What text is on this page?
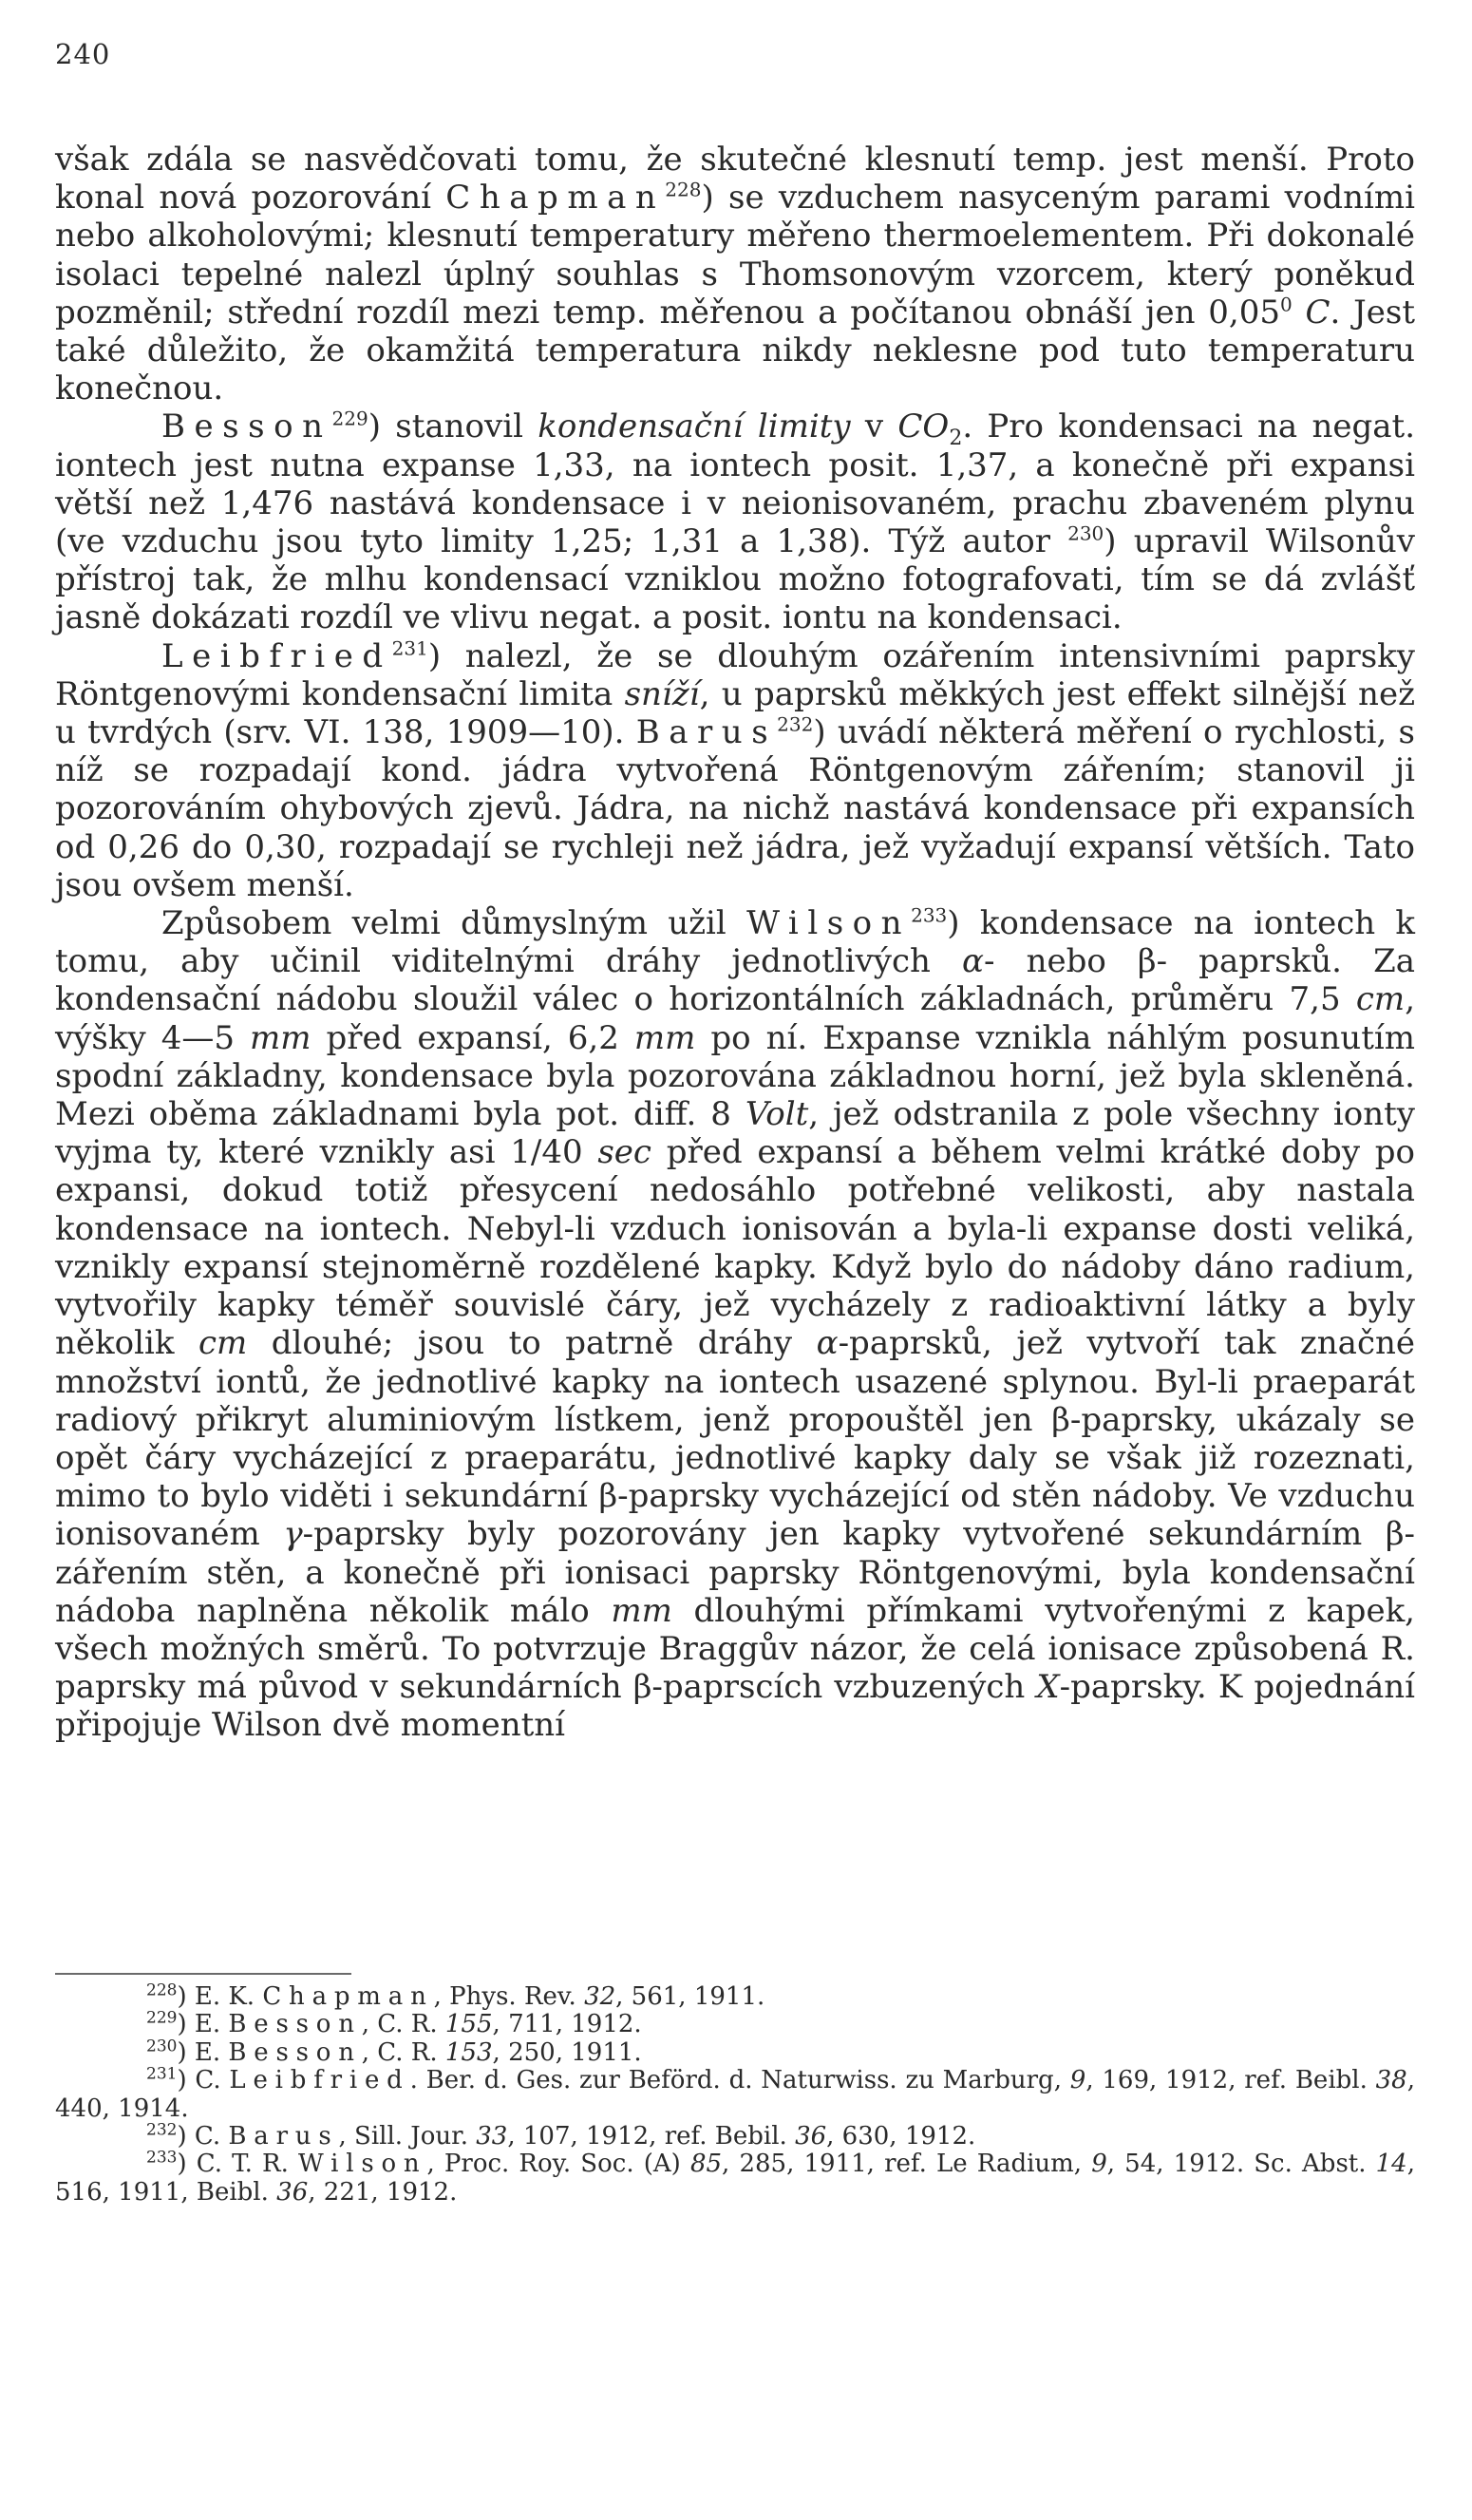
240

však zdála se nasvědčovati tomu, že skutečné klesnutí temp. jest menší. Proto konal nová pozorování Chapman$^{228}$) se vzduchem nasyceným parami vodními nebo alkoholovými; klesnutí temperatury měřeno thermoelementem. Při dokonalé isolaci tepelné nalezl úplný souhlas s Thomsonovým vzorcem, který poněkud pozměnil; střední rozdíl mezi temp. měřenou a počítanou obnáší jen 0,05$^0$ C. Jest také důležito, že okamžitá temperatura nikdy neklesne pod tuto temperaturu konečnou.

Besson$^{229}$) stanovil kondensační limity v $CO_2$. Pro kondensaci na negat. iontech jest nutna expanse 1,33, na iontech posit. 1,37, a konečně při expansi větší než 1,476 nastává kondensace i v neionisovaném, prachu zbaveném plynu (ve vzduchu jsou tyto limity 1,25; 1,31 a 1,38). Týž autor $^{230}$) upravil Wilsonův přístroj tak, že mlhu kondensací vzniklou možno fotografovati, tím se dá zvlášť jasně dokázati rozdíl ve vlivu negat. a posit. iontu na kondensaci.

Leibfried$^{231}$) nalezl, že se dlouhým ozářením intensivními paprsky Röntgenovými kondensační limita sníží, u paprsků měkkých jest effekt silnější než u tvrdých (srv. VI. 138, 1909—10). Barus$^{232}$) uvádí některá měření o rychlosti, s níž se rozpadají kond. jádra vytvořená Röntgenovým zářením; stanovil ji pozorováním ohybových zjevů. Jádra, na nichž nastává kondensace při expansích od 0,26 do 0,30, rozpadají se rychleji než jádra, jež vyžadují expansí větších. Tato jsou ovšem menší.

Způsobem velmi důmyslným užil Wilson$^{233}$) kondensace na iontech k tomu, aby učinil viditelnými dráhy jednotlivých α- nebo β- paprsků. Za kondensační nádobu sloužil válec o horizontálních základnách, průměru 7,5 cm, výšky 4—5 mm před expansí, 6,2 mm po ní. Expanse vznikla náhlým posunutím spodní základny, kondensace byla pozorována základnou horní, jež byla skleněná. Mezi oběma základnami byla pot. diff. 8 Volt, jež odstranila z pole všechny ionty vyjma ty, které vznikly asi 1/40 sec před expansí a během velmi krátké doby po expansi, dokud totiž přesycení nedosáhlo potřebné velikosti, aby nastala kondensace na iontech. Nebyl-li vzduch ionisován a byla-li expanse dosti veliká, vznikly expansí stejnoměrně rozdělené kapky. Když bylo do nádoby dáno radium, vytvořily kapky téměř souvislé čáry, jež vycházely z radioaktivní látky a byly několik cm dlouhé; jsou to patrně dráhy α-paprsků, jež vytvoří tak značné množství iontů, že jednotlivé kapky na iontech usazené splynou. Byl-li praeparát radiový přikryt aluminiovým lístkem, jenž propouštěl jen β-paprsky, ukázaly se opět čáry vycházející z praeparátu, jednotlivé kapky daly se však již rozeznati, mimo to bylo viděti i sekundární β-paprsky vycházející od stěn nádoby. Ve vzduchu ionisovaném γ-paprsky byly pozorovány jen kapky vytvořené sekundárním β-zářením stěn, a konečně při ionisaci paprsky Röntgenovými, byla kondensační nádoba naplněna několik málo mm dlouhými přímkami vytvořenými z kapek, všech možných směrů. To potvrzuje Braggův názor, že celá ionisace způsobená R. paprsky má původ v sekundárních β-paprscích vzbuzených X-paprsky. K pojednání připojuje Wilson dvě momentní

$^{228}$) E. K. Chapman, Phys. Rev. 32, 561, 1911.

$^{229}$) E. Besson, C. R. 155, 711, 1912.

$^{230}$) E. Besson, C. R. 153, 250, 1911.

$^{231}$) C. Leibfried. Ber. d. Ges. zur Beförd. d. Naturwiss. zu Marburg, 9, 169, 1912, ref. Beibl. 38, 440, 1914.

$^{232}$) C. Barus, Sill. Jour. 33, 107, 1912, ref. Bebil. 36, 630, 1912.

$^{233}$) C. T. R. Wilson, Proc. Roy. Soc. (A) 85, 285, 1911, ref. Le Radium, 9, 54, 1912. Sc. Abst. 14, 516, 1911, Beibl. 36, 221, 1912.
